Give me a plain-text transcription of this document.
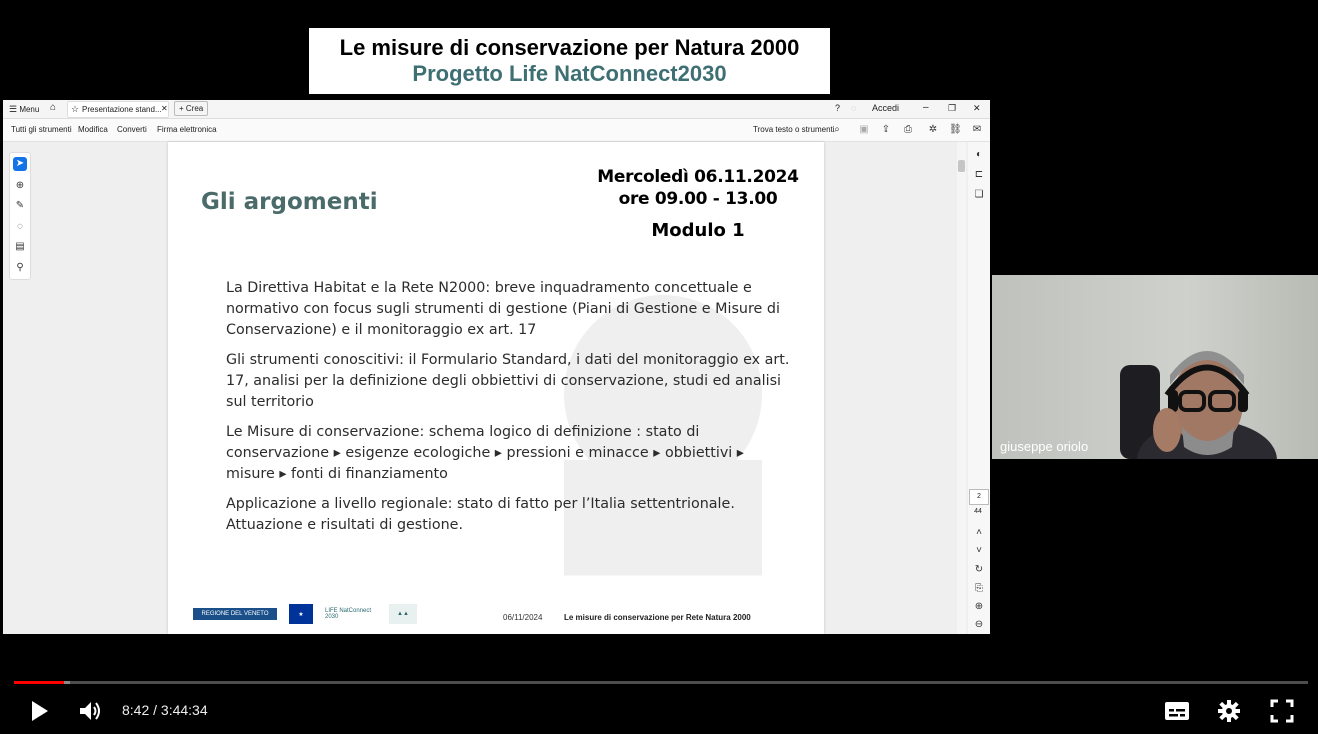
Le misure di conservazione per Natura 2000
Progetto Life NatConnect2030
☰ Menu ⌂ ☆ Presentazione stand... ✕	+ Crea	? ◌ Accedi – ❐ ✕
Tutti gli strumenti Modifica Converti Firma elettronica	Trova testo o strumenti ⌕	▣ ⇪ ⎙ ✲ ⛓ ✉
➤
⊕
✎
◌
▤
⚲
Gli argomenti
Mercoledì 06.11.2024
ore 09.00 - 13.00
Modulo 1

La Direttiva Habitat e la Rete N2000: breve inquadramento concettuale e normativo con focus sugli strumenti di gestione (Piani di Gestione e Misure di Conservazione) e il monitoraggio ex art. 17

Gli strumenti conoscitivi: il Formulario Standard, i dati del monitoraggio ex art. 17, analisi per la definizione degli obbiettivi di conservazione, studi ed analisi sul territorio

Le Misure di conservazione: schema logico di definizione : stato di conservazione ▸ esigenze ecologiche ▸ pressioni e minacce ▸ obbiettivi ▸ misure ▸ fonti di finanziamento

Applicazione a livello regionale: stato di fatto per l’Italia settentrionale. Attuazione e risultati di gestione.

REGIONE DEL VENETO	★
LIFE NatConnect 2030	▲▲	06/11/2024	Le misure di conservazione per Rete Natura 2000
◐
⊏
❏
˄
˅
↻
⎘
⊕
⊖
2
44
giuseppe oriolo
8:42 / 3:44:34
